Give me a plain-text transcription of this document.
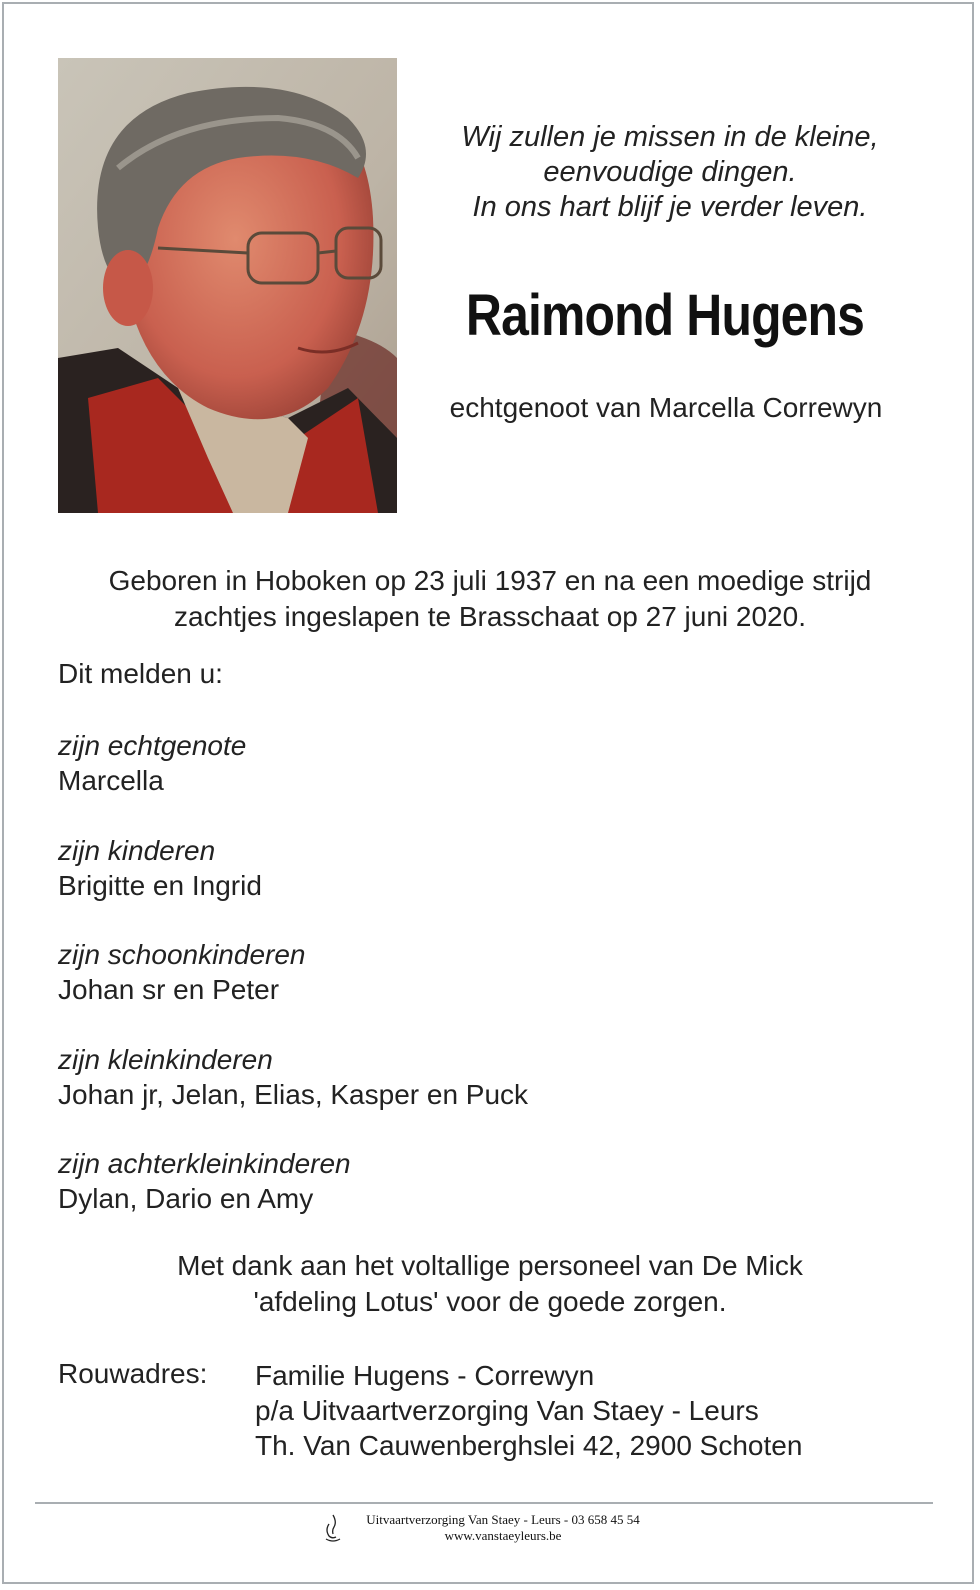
Wij zullen je missen in de kleine,
eenvoudige dingen.
In ons hart blijf je verder leven.
Raimond Hugens
echtgenoot van Marcella Correwyn
Geboren in Hoboken op 23 juli 1937 en na een moedige strijd
zachtjes ingeslapen te Brasschaat op 27 juni 2020.
Dit melden u:
zijn echtgenote
Marcella
zijn kinderen
Brigitte en Ingrid
zijn schoonkinderen
Johan sr en Peter
zijn kleinkinderen
Johan jr, Jelan, Elias, Kasper en Puck
zijn achterkleinkinderen
Dylan, Dario en Amy
Met dank aan het voltallige personeel van De Mick
'afdeling Lotus' voor de goede zorgen.
Rouwadres: Familie Hugens - Correwyn
p/a Uitvaartverzorging Van Staey - Leurs
Th. Van Cauwenberghslei 42, 2900 Schoten
Uitvaartverzorging Van Staey - Leurs - 03 658 45 54
www.vanstaeyleurs.be
